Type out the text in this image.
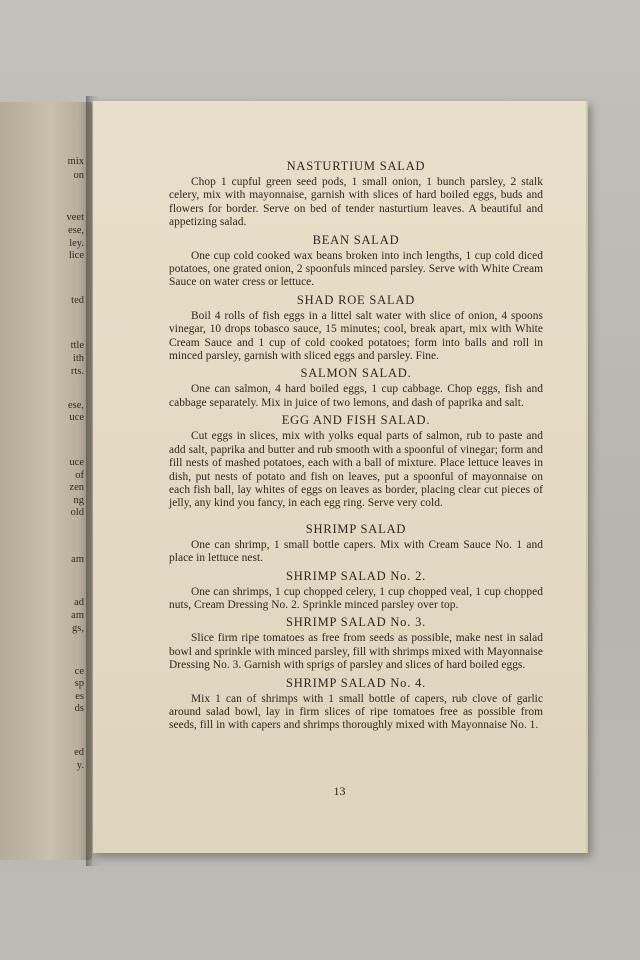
mix
on
veet
ese,
ley.
lice
ted
ttle
ith
rts.
ese,
uce
uce
of
zen
ng
old
am
ad
am
gs,
ce
sp
es
ds
ed
y.
NASTURTIUM SALAD

Chop 1 cupful green seed pods, 1 small onion, 1 bunch parsley, 2 stalk celery, mix with mayonnaise, garnish with slices of hard boiled eggs, buds and flowers for border. Serve on bed of tender nasturtium leaves. A beautiful and appetizing salad.

BEAN SALAD

One cup cold cooked wax beans broken into inch lengths, 1 cup cold diced potatoes, one grated onion, 2 spoonfuls minced parsley. Serve with White Cream Sauce on water cress or lettuce.

SHAD ROE SALAD

Boil 4 rolls of fish eggs in a littel salt water with slice of onion, 4 spoons vinegar, 10 drops tobasco sauce, 15 minutes; cool, break apart, mix with White Cream Sauce and 1 cup of cold cooked potatoes; form into balls and roll in minced parsley, garnish with sliced eggs and parsley. Fine.

SALMON SALAD.

One can salmon, 4 hard boiled eggs, 1 cup cabbage. Chop eggs, fish and cabbage separately. Mix in juice of two lemons, and dash of paprika and salt.

EGG AND FISH SALAD.

Cut eggs in slices, mix with yolks equal parts of salmon, rub to paste and add salt, paprika and butter and rub smooth with a spoonful of vinegar; form and fill nests of mashed potatoes, each with a ball of mixture. Place lettuce leaves in dish, put nests of potato and fish on leaves, put a spoonful of mayonnaise on each fish ball, lay whites of eggs on leaves as border, placing clear cut pieces of jelly, any kind you fancy, in each egg ring. Serve very cold.

SHRIMP SALAD

One can shrimp, 1 small bottle capers. Mix with Cream Sauce No. 1 and place in lettuce nest.

SHRIMP SALAD No. 2.

One can shrimps, 1 cup chopped celery, 1 cup chopped veal, 1 cup chopped nuts, Cream Dressing No. 2. Sprinkle minced parsley over top.

SHRIMP SALAD No. 3.

Slice firm ripe tomatoes as free from seeds as possible, make nest in salad bowl and sprinkle with minced parsley, fill with shrimps mixed with Mayonnaise Dressing No. 3. Garnish with sprigs of parsley and slices of hard boiled eggs.

SHRIMP SALAD No. 4.

Mix 1 can of shrimps with 1 small bottle of capers, rub clove of garlic around salad bowl, lay in firm slices of ripe tomatoes free as possible from seeds, fill in with capers and shrimps thoroughly mixed with Mayonnaise No. 1.

13
